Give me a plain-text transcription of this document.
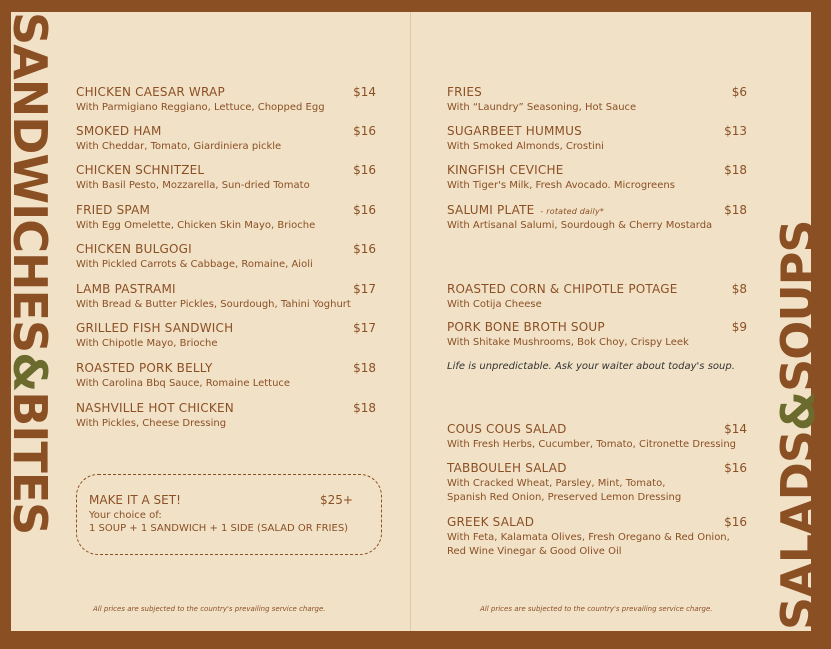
SANDWICHES&BITES	SALADS&SOUPS
CHICKEN CAESAR WRAP
With Parmigiano Reggiano, Lettuce, Chopped Egg
$14
SMOKED HAM
With Cheddar, Tomato, Giardiniera pickle
$16
CHICKEN SCHNITZEL
With Basil Pesto, Mozzarella, Sun-dried Tomato
$16
FRIED SPAM
With Egg Omelette, Chicken Skin Mayo, Brioche
$16
CHICKEN BULGOGI
With Pickled Carrots & Cabbage, Romaine, Aioli
$16
LAMB PASTRAMI
With Bread & Butter Pickles, Sourdough, Tahini Yoghurt
$17
GRILLED FISH SANDWICH
With Chipotle Mayo, Brioche
$17
ROASTED PORK BELLY
With Carolina Bbq Sauce, Romaine Lettuce
$18
NASHVILLE HOT CHICKEN
With Pickles, Cheese Dressing
$18
MAKE IT A SET!	$25+
Your choice of:
1 SOUP + 1 SANDWICH + 1 SIDE (SALAD OR FRIES)
All prices are subjected to the country's prevailing service charge.
FRIES
With “Laundry” Seasoning, Hot Sauce
$6
SUGARBEET HUMMUS
With Smoked Almonds, Crostini
$13
KINGFISH CEVICHE
With Tiger's Milk, Fresh Avocado. Microgreens
$18
SALUMI PLATE - rotated daily*
With Artisanal Salumi, Sourdough & Cherry Mostarda
$18
ROASTED CORN & CHIPOTLE POTAGE
With Cotija Cheese
$8
PORK BONE BROTH SOUP
With Shitake Mushrooms, Bok Choy, Crispy Leek
$9
Life is unpredictable. Ask your waiter about today's soup.
COUS COUS SALAD
With Fresh Herbs, Cucumber, Tomato, Citronette Dressing
$14
TABBOULEH SALAD
With Cracked Wheat, Parsley, Mint, Tomato, Spanish Red Onion, Preserved Lemon Dressing
$16
GREEK SALAD
With Feta, Kalamata Olives, Fresh Oregano & Red Onion, Red Wine Vinegar & Good Olive Oil
$16
All prices are subjected to the country's prevailing service charge.
